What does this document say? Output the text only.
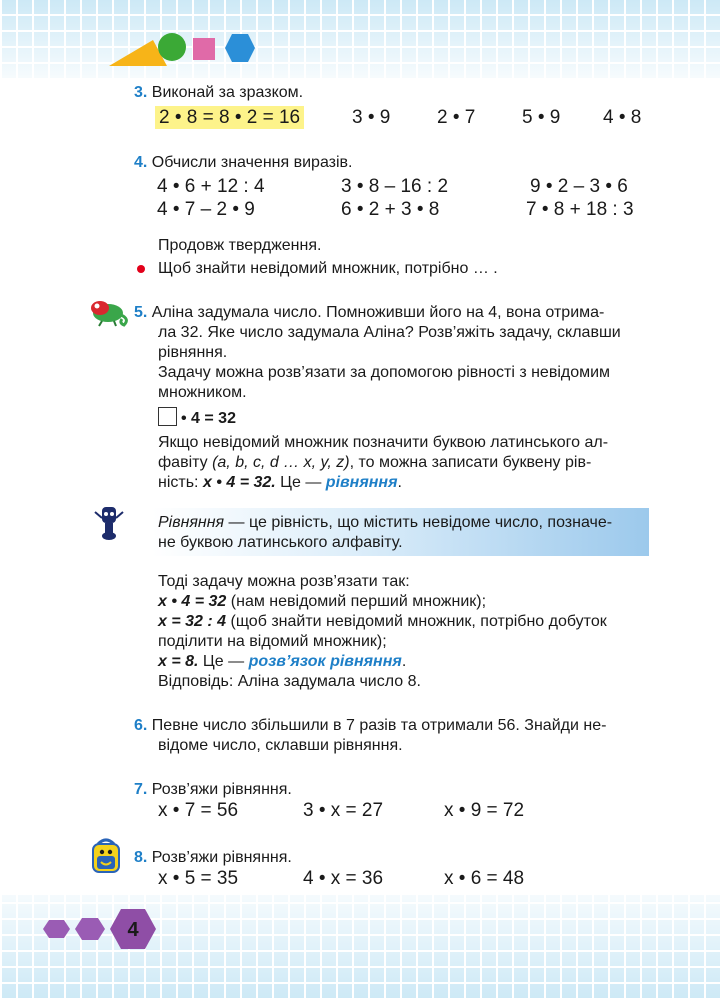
3. Виконай за зразком.
2 • 8 = 8 • 2 = 16	3 • 9 2 • 7 5 • 9 4 • 8
4. Обчисли значення виразів.
4 • 6 + 12 : 4	3 • 8 – 16 : 2	9 • 2 – 3 • 6
4 • 7 – 2 • 9	6 • 2 + 3 • 8	7 • 8 + 18 : 3
Продовж твердження.
Щоб знайти невідомий множник, потрібно … .
5. Аліна задумала число. Помноживши його на 4, вона отрима-
ла 32. Яке число задумала Аліна? Розв’яжіть задачу, склавши
рівняння.
Задачу можна розв’язати за допомогою рівності з невідомим
множником.
• 4 = 32
Якщо невідомий множник позначити буквою латинського ал-
фавіту (a, b, c, d … x, y, z), то можна записати буквену рів-
ність: x • 4 = 32. Це — рівняння.
Рівняння — це рівність, що містить невідоме число, позначе-
не буквою латинського алфавіту.
Тоді задачу можна розв’язати так:
x • 4 = 32 (нам невідомий перший множник);
x = 32 : 4 (щоб знайти невідомий множник, потрібно добуток
поділити на відомий множник);
x = 8. Це — розв’язок рівняння.
Відповідь: Аліна задумала число 8.
6. Певне число збільшили в 7 разів та отримали 56. Знайди не-
відоме число, склавши рівняння.
7. Розв’яжи рівняння.
x • 7 = 56	3 • x = 27	x • 9 = 72
8. Розв’яжи рівняння.
x • 5 = 35	4 • x = 36	x • 6 = 48
4
